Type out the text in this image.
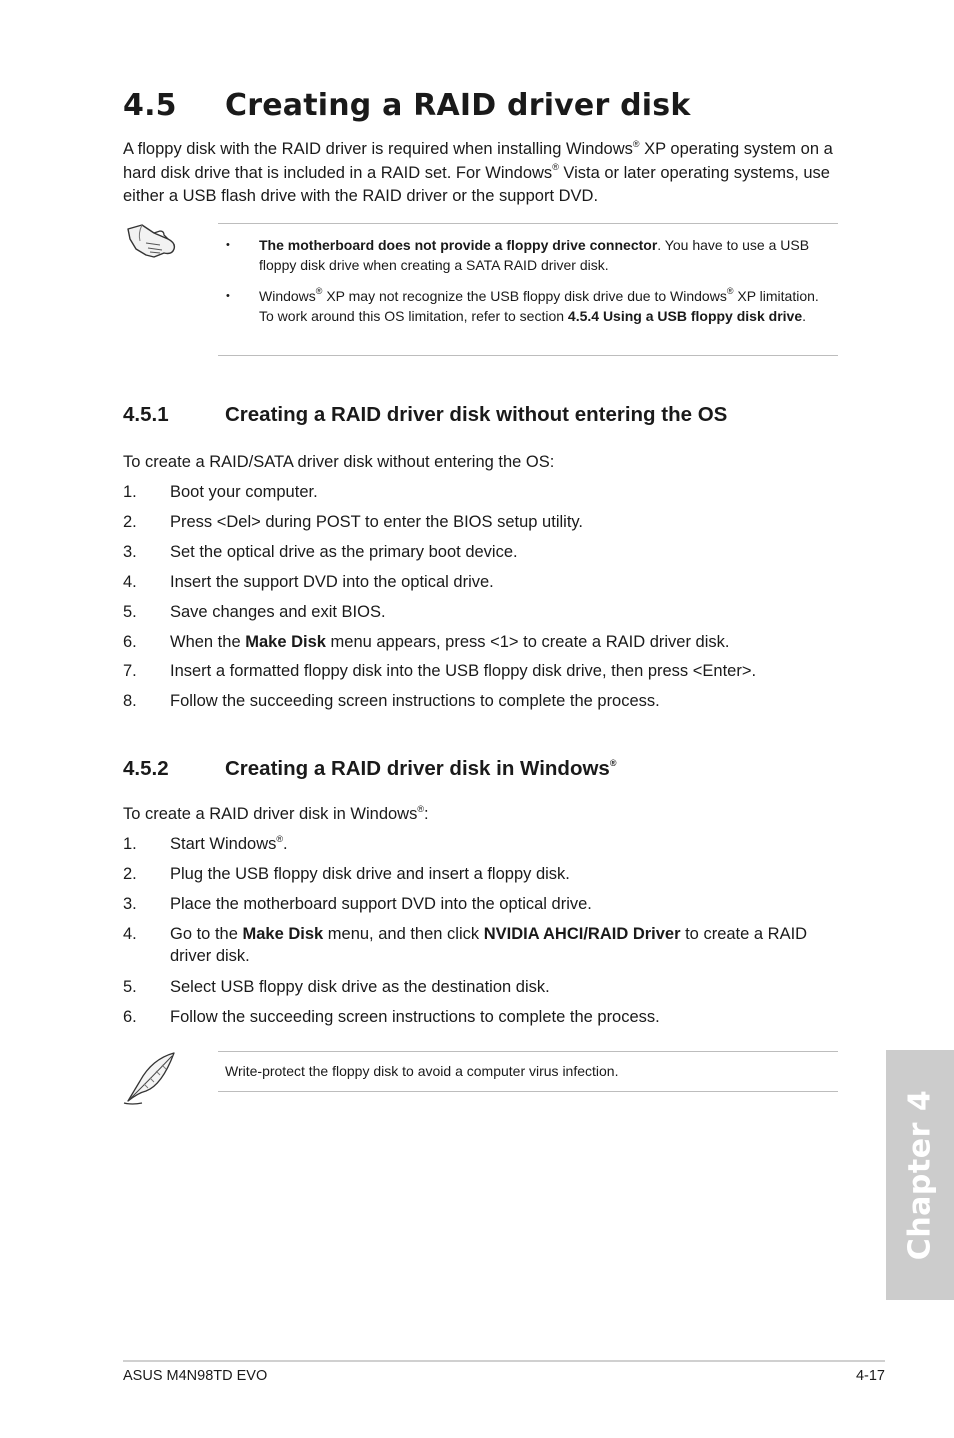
4.5 Creating a RAID driver disk
A floppy disk with the RAID driver is required when installing Windows® XP operating system on a hard disk drive that is included in a RAID set. For Windows® Vista or later operating systems, use either a USB flash drive with the RAID driver or the support DVD.
• The motherboard does not provide a floppy drive connector. You have to use a USB floppy disk drive when creating a SATA RAID driver disk.
• Windows® XP may not recognize the USB floppy disk drive due to Windows® XP limitation. To work around this OS limitation, refer to section 4.5.4 Using a USB floppy disk drive.
4.5.1	Creating a RAID driver disk without entering the OS
To create a RAID/SATA driver disk without entering the OS:
1. Boot your computer.
2. Press <Del> during POST to enter the BIOS setup utility.
3. Set the optical drive as the primary boot device.
4. Insert the support DVD into the optical drive.
5. Save changes and exit BIOS.
6. When the Make Disk menu appears, press <1> to create a RAID driver disk.
7. Insert a formatted floppy disk into the USB floppy disk drive, then press <Enter>.
8. Follow the succeeding screen instructions to complete the process.
4.5.2	Creating a RAID driver disk in Windows®
To create a RAID driver disk in Windows®:
1. Start Windows®.
2. Plug the USB floppy disk drive and insert a floppy disk.
3. Place the motherboard support DVD into the optical drive.
4. Go to the Make Disk menu, and then click NVIDIA AHCI/RAID Driver to create a RAID driver disk.
5. Select USB floppy disk drive as the destination disk.
6. Follow the succeeding screen instructions to complete the process.
Write-protect the floppy disk to avoid a computer virus infection.
Chapter 4
ASUS M4N98TD EVO	4-17
